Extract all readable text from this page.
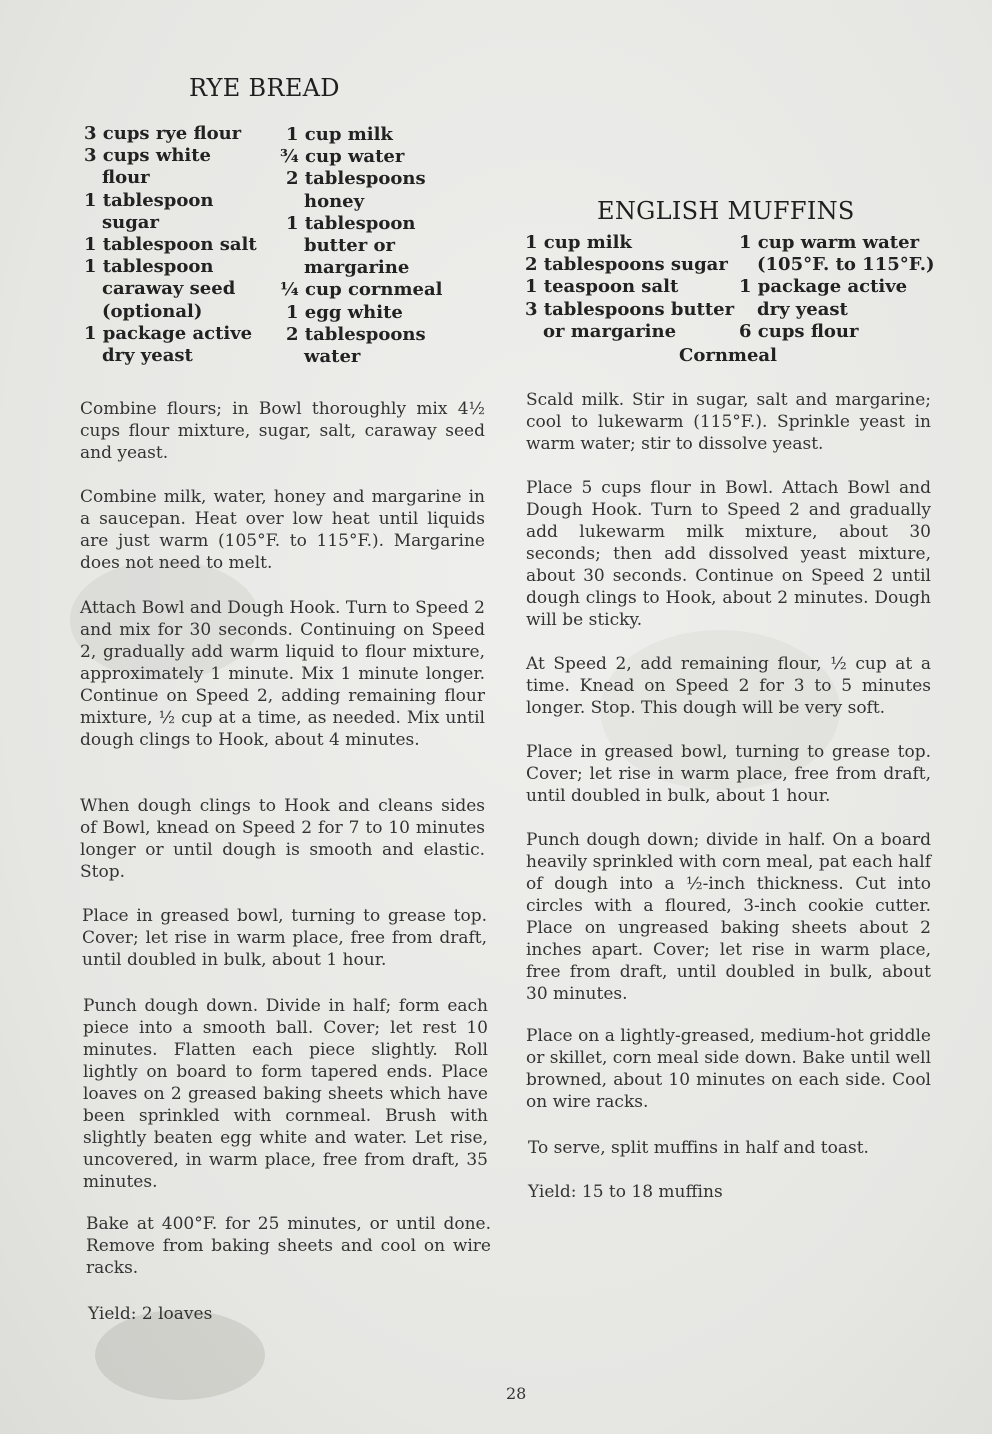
RYE BREAD
3 cups rye flour
3 cups white
flour
1 tablespoon
sugar
1 tablespoon salt
1 tablespoon
caraway seed
(optional)
1 package active
dry yeast
1 cup milk
¾ cup water
2 tablespoons
honey
1 tablespoon
butter or
margarine
¼ cup cornmeal
1 egg white
2 tablespoons
water

Combine flours; in Bowl thoroughly mix 4½ cups flour mixture, sugar, salt, caraway seed and yeast.

Combine milk, water, honey and margarine in a saucepan. Heat over low heat until liquids are just warm (105°F. to 115°F.). Margarine does not need to melt.

Attach Bowl and Dough Hook. Turn to Speed 2 and mix for 30 seconds. Continuing on Speed 2, gradually add warm liquid to flour mixture, approximately 1 minute. Mix 1 minute longer. Continue on Speed 2, adding remaining flour mixture, ½ cup at a time, as needed. Mix until dough clings to Hook, about 4 minutes.

When dough clings to Hook and cleans sides of Bowl, knead on Speed 2 for 7 to 10 minutes longer or until dough is smooth and elastic. Stop.

Place in greased bowl, turning to grease top. Cover; let rise in warm place, free from draft, until doubled in bulk, about 1 hour.

Punch dough down. Divide in half; form each piece into a smooth ball. Cover; let rest 10 minutes. Flatten each piece slightly. Roll lightly on board to form tapered ends. Place loaves on 2 greased baking sheets which have been sprinkled with cornmeal. Brush with slightly beaten egg white and water. Let rise, uncovered, in warm place, free from draft, 35 minutes.

Bake at 400°F. for 25 minutes, or until done. Remove from baking sheets and cool on wire racks.

Yield: 2 loaves

ENGLISH MUFFINS
1 cup milk
2 tablespoons sugar
1 teaspoon salt
3 tablespoons butter
or margarine
1 cup warm water
(105°F. to 115°F.)
1 package active
dry yeast
6 cups flour
Cornmeal

Scald milk. Stir in sugar, salt and margarine; cool to lukewarm (115°F.). Sprinkle yeast in warm water; stir to dissolve yeast.

Place 5 cups flour in Bowl. Attach Bowl and Dough Hook. Turn to Speed 2 and gradually add lukewarm milk mixture, about 30 seconds; then add dissolved yeast mixture, about 30 seconds. Continue on Speed 2 until dough clings to Hook, about 2 minutes. Dough will be sticky.

At Speed 2, add remaining flour, ½ cup at a time. Knead on Speed 2 for 3 to 5 minutes longer. Stop. This dough will be very soft.

Place in greased bowl, turning to grease top. Cover; let rise in warm place, free from draft, until doubled in bulk, about 1 hour.

Punch dough down; divide in half. On a board heavily sprinkled with corn meal, pat each half of dough into a ½-inch thickness. Cut into circles with a floured, 3-inch cookie cutter. Place on ungreased baking sheets about 2 inches apart. Cover; let rise in warm place, free from draft, until doubled in bulk, about 30 minutes.

Place on a lightly-greased, medium-hot griddle or skillet, corn meal side down. Bake until well browned, about 10 minutes on each side. Cool on wire racks.

To serve, split muffins in half and toast.

Yield: 15 to 18 muffins

28
